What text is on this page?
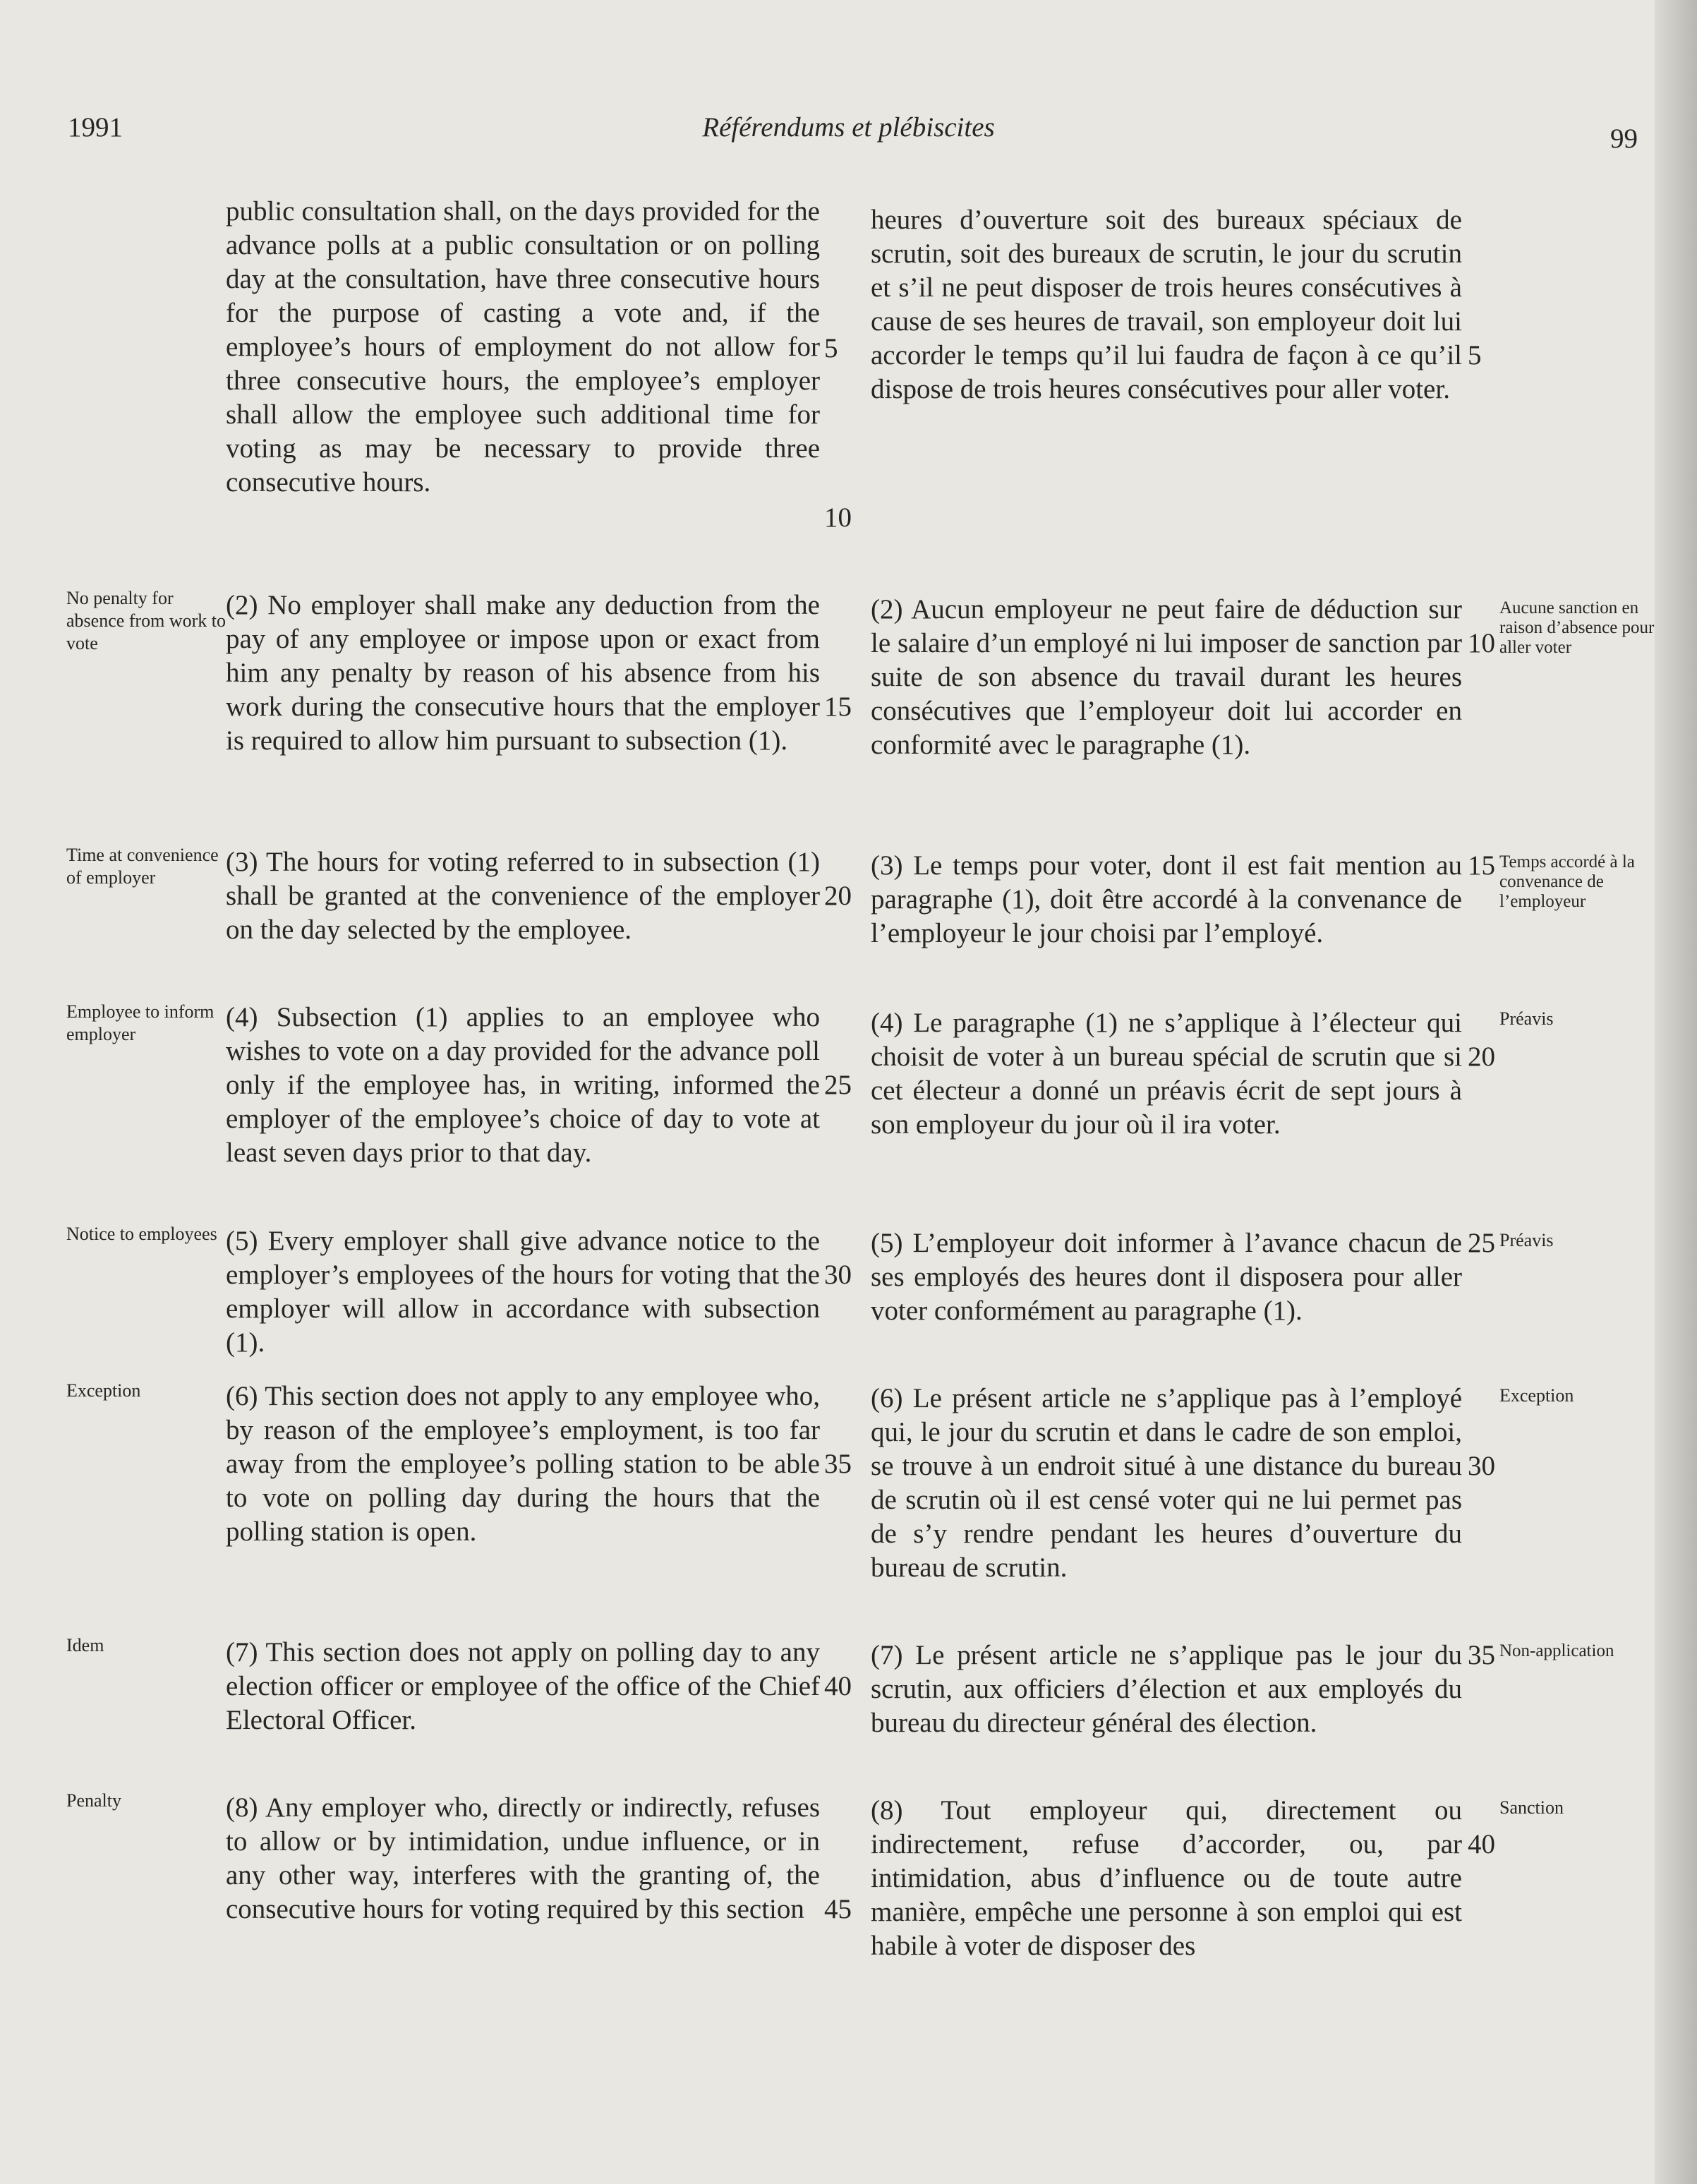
1991	Référendums et plébiscites	99

public consultation shall, on the days provided for the advance polls at a public consultation or on polling day at the consultation, have three consecutive hours for the purpose of casting a vote and, if the employee’s hours of employment do not allow for three consecutive hours, the employee’s employer shall allow the employee such additional time for voting as may be necessary to provide three consecutive hours.

(2) No employer shall make any deduction from the pay of any employee or impose upon or exact from him any penalty by reason of his absence from his work during the consecutive hours that the employer is required to allow him pursuant to subsection (1).

(3) The hours for voting referred to in subsection (1) shall be granted at the convenience of the employer on the day selected by the employee.

(4) Subsection (1) applies to an employee who wishes to vote on a day provided for the advance poll only if the employee has, in writing, informed the employer of the employee’s choice of day to vote at least seven days prior to that day.

(5) Every employer shall give advance notice to the employer’s employees of the hours for voting that the employer will allow in accordance with subsection (1).

(6) This section does not apply to any employee who, by reason of the employee’s employment, is too far away from the employee’s polling station to be able to vote on polling day during the hours that the polling station is open.

(7) This section does not apply on polling day to any election officer or employee of the office of the Chief Electoral Officer.

(8) Any employer who, directly or indirectly, refuses to allow or by intimidation, undue influence, or in any other way, interferes with the granting of, the consecutive hours for voting required by this section

heures d’ouverture soit des bureaux spéciaux de scrutin, soit des bureaux de scrutin, le jour du scrutin et s’il ne peut disposer de trois heures consécutives à cause de ses heures de travail, son employeur doit lui accorder le temps qu’il lui faudra de façon à ce qu’il dispose de trois heures consécutives pour aller voter.

(2) Aucun employeur ne peut faire de déduction sur le salaire d’un employé ni lui imposer de sanction par suite de son absence du travail durant les heures consécutives que l’employeur doit lui accorder en conformité avec le paragraphe (1).

(3) Le temps pour voter, dont il est fait mention au paragraphe (1), doit être accordé à la convenance de l’employeur le jour choisi par l’employé.

(4) Le paragraphe (1) ne s’applique à l’électeur qui choisit de voter à un bureau spécial de scrutin que si cet électeur a donné un préavis écrit de sept jours à son employeur du jour où il ira voter.

(5) L’employeur doit informer à l’avance chacun de ses employés des heures dont il disposera pour aller voter conformément au paragraphe (1).

(6) Le présent article ne s’applique pas à l’employé qui, le jour du scrutin et dans le cadre de son emploi, se trouve à un endroit situé à une distance du bureau de scrutin où il est censé voter qui ne lui permet pas de s’y rendre pendant les heures d’ouverture du bureau de scrutin.

(7) Le présent article ne s’applique pas le jour du scrutin, aux officiers d’élection et aux employés du bureau du directeur général des élection.

(8) Tout employeur qui, directement ou indirectement, refuse d’accorder, ou, par intimidation, abus d’influence ou de toute autre manière, empêche une personne à son emploi qui est habile à voter de disposer des

5
10
15
20
25
30
35
40
45
5
10
15
20
25
30
35
40
No penalty for absence from work to vote
Time at convenience of employer
Employee to inform employer
Notice to employees
Exception
Idem
Penalty
Aucune sanction en raison d’absence pour aller voter
Temps accordé à la convenance de l’employeur
Préavis
Préavis
Exception
Non-application
Sanction
